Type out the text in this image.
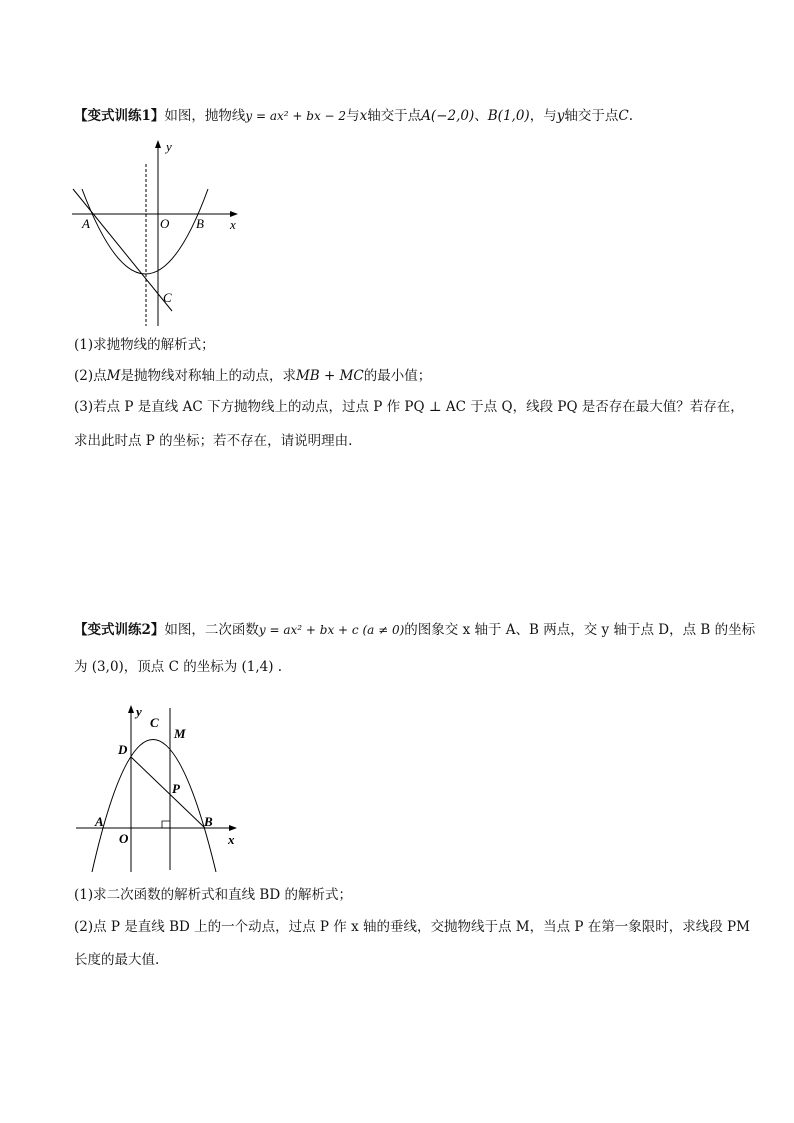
【变式训练1】如图，抛物线y = ax² + bx − 2与x轴交于点A(−2,0)、B(1,0)，与y轴交于点C.
y
x
A	O B
C
(1)求抛物线的解析式；
(2)点M是抛物线对称轴上的动点，求MB + MC的最小值；
(3)若点 P 是直线 AC 下方抛物线上的动点，过点 P 作 PQ ⊥ AC 于点 Q，线段 PQ 是否存在最大值？若存在，
求出此时点 P 的坐标；若不存在，请说明理由.
【变式训练2】如图，二次函数y = ax² + bx + c (a ≠ 0)的图象交 x 轴于 A、B 两点，交 y 轴于点 D，点 B 的坐标
为 (3,0)，顶点 C 的坐标为 (1,4) .
y
x
C
M
D
P
A	B
O
(1)求二次函数的解析式和直线 BD 的解析式；
(2)点 P 是直线 BD 上的一个动点，过点 P 作 x 轴的垂线，交抛物线于点 M，当点 P 在第一象限时，求线段 PM
长度的最大值.
